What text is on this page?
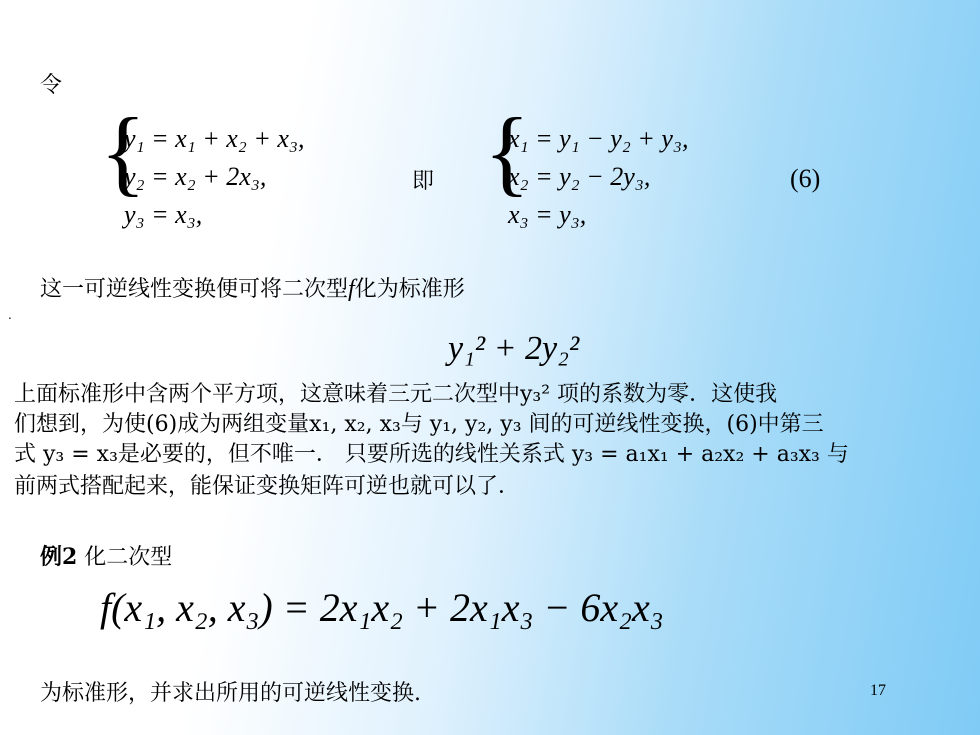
令
{
y₁ = x₁ + x₂ + x₃,
y₂ = x₂ + 2x₃,
y₃ = x₃,
即 {
x₁ = y₁ − y₂ + y₃,
x₂ = y₂ − 2y₃,
x₃ = y₃,
(6)
这一可逆线性变换便可将二次型f化为标准形
.
y₁² + 2y₂²
上面标准形中含两个平方项，这意味着三元二次型中y₃² 项的系数为零．这使我
们想到，为使(6)成为两组变量x₁, x₂, x₃与 y₁, y₂, y₃ 间的可逆线性变换，(6)中第三
式 y₃ = x₃是必要的，但不唯一． 只要所选的线性关系式 y₃ = a₁x₁ + a₂x₂ + a₃x₃ 与
前两式搭配起来，能保证变换矩阵可逆也就可以了．
例2 化二次型
f(x₁, x₂, x₃) = 2x₁x₂ + 2x₁x₃ − 6x₂x₃
为标准形，并求出所用的可逆线性变换.	17
